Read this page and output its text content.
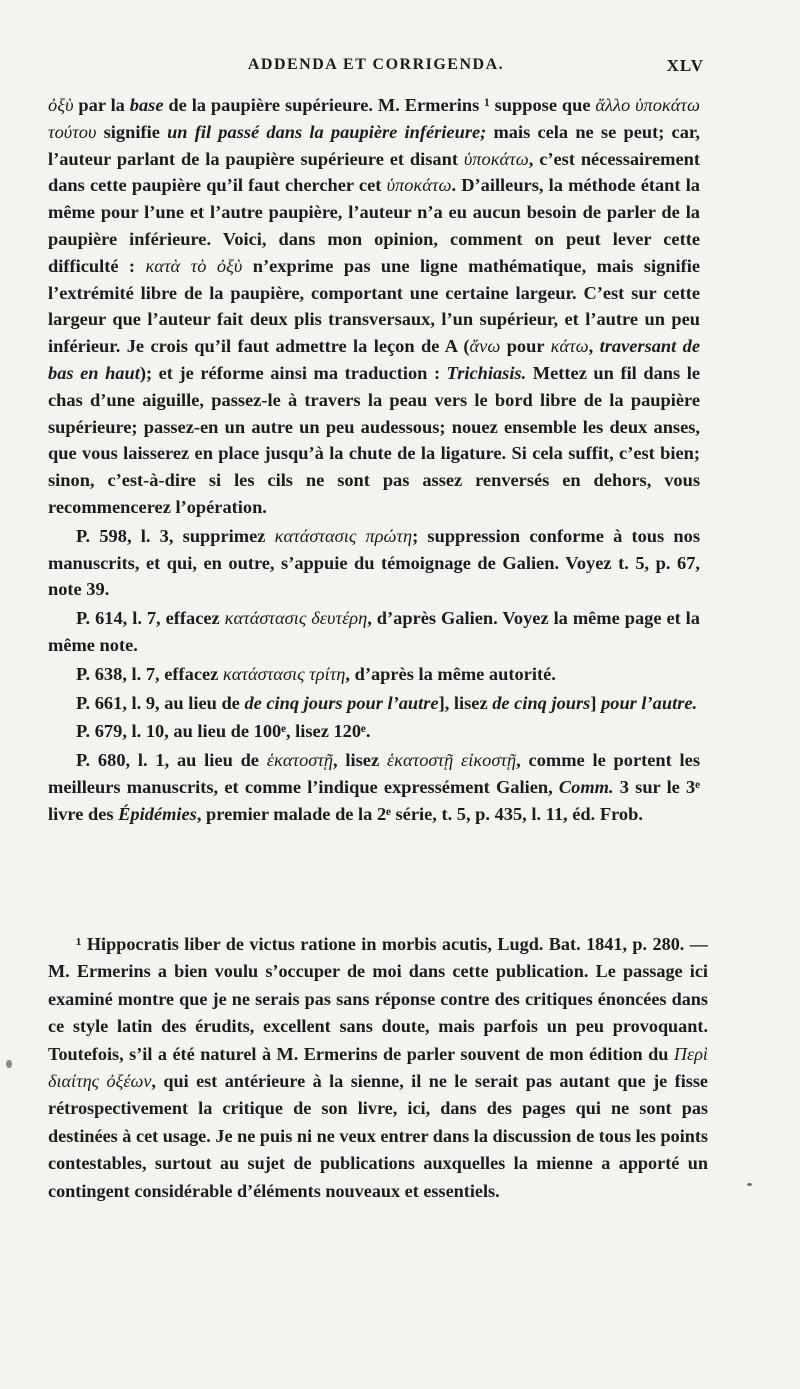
ADDENDA ET CORRIGENDA.	XLV

ὀξὺ par la base de la paupière supérieure. M. Ermerins ¹ suppose que ἄλλο ὑποκάτω τούτου signifie un fil passé dans la paupière inférieure; mais cela ne se peut; car, l’auteur parlant de la paupière supérieure et disant ὑποκάτω, c’est nécessairement dans cette paupière qu’il faut chercher cet ὑποκάτω. D’ailleurs, la méthode étant la même pour l’une et l’autre paupière, l’auteur n’a eu aucun besoin de parler de la paupière inférieure. Voici, dans mon opinion, comment on peut lever cette difficulté : κατὰ τὸ ὀξὺ n’exprime pas une ligne mathématique, mais signifie l’extrémité libre de la paupière, comportant une certaine largeur. C’est sur cette largeur que l’auteur fait deux plis transversaux, l’un supérieur, et l’autre un peu inférieur. Je crois qu’il faut admettre la leçon de A (ἄνω pour κάτω, traversant de bas en haut); et je réforme ainsi ma traduction : Trichiasis. Mettez un fil dans le chas d’une aiguille, passez-le à travers la peau vers le bord libre de la paupière supérieure; passez-en un autre un peu audessous; nouez ensemble les deux anses, que vous laisserez en place jusqu’à la chute de la ligature. Si cela suffit, c’est bien; sinon, c’est-à-dire si les cils ne sont pas assez renversés en dehors, vous recommencerez l’opération.

P. 598, l. 3, supprimez κατάστασις πρώτη; suppression conforme à tous nos manuscrits, et qui, en outre, s’appuie du témoignage de Galien. Voyez t. 5, p. 67, note 39.

P. 614, l. 7, effacez κατάστασις δευτέρη, d’après Galien. Voyez la même page et la même note.

P. 638, l. 7, effacez κατάστασις τρίτη, d’après la même autorité.

P. 661, l. 9, au lieu de de cinq jours pour l’autre], lisez de cinq jours] pour l’autre.

P. 679, l. 10, au lieu de 100ᵉ, lisez 120ᵉ.

P. 680, l. 1, au lieu de ἑκατοστῇ, lisez ἑκατοστῇ εἰκοστῇ, comme le portent les meilleurs manuscrits, et comme l’indique expressément Galien, Comm. 3 sur le 3ᵉ livre des Épidémies, premier malade de la 2ᵉ série, t. 5, p. 435, l. 11, éd. Frob.

¹ Hippocratis liber de victus ratione in morbis acutis, Lugd. Bat. 1841, p. 280. — M. Ermerins a bien voulu s’occuper de moi dans cette publication. Le passage ici examiné montre que je ne serais pas sans réponse contre des critiques énoncées dans ce style latin des érudits, excellent sans doute, mais parfois un peu provoquant. Toutefois, s’il a été naturel à M. Ermerins de parler souvent de mon édition du Περὶ διαίτης ὀξέων, qui est antérieure à la sienne, il ne le serait pas autant que je fisse rétrospectivement la critique de son livre, ici, dans des pages qui ne sont pas destinées à cet usage. Je ne puis ni ne veux entrer dans la discussion de tous les points contestables, surtout au sujet de publications auxquelles la mienne a apporté un contingent considérable d’éléments nouveaux et essentiels.
